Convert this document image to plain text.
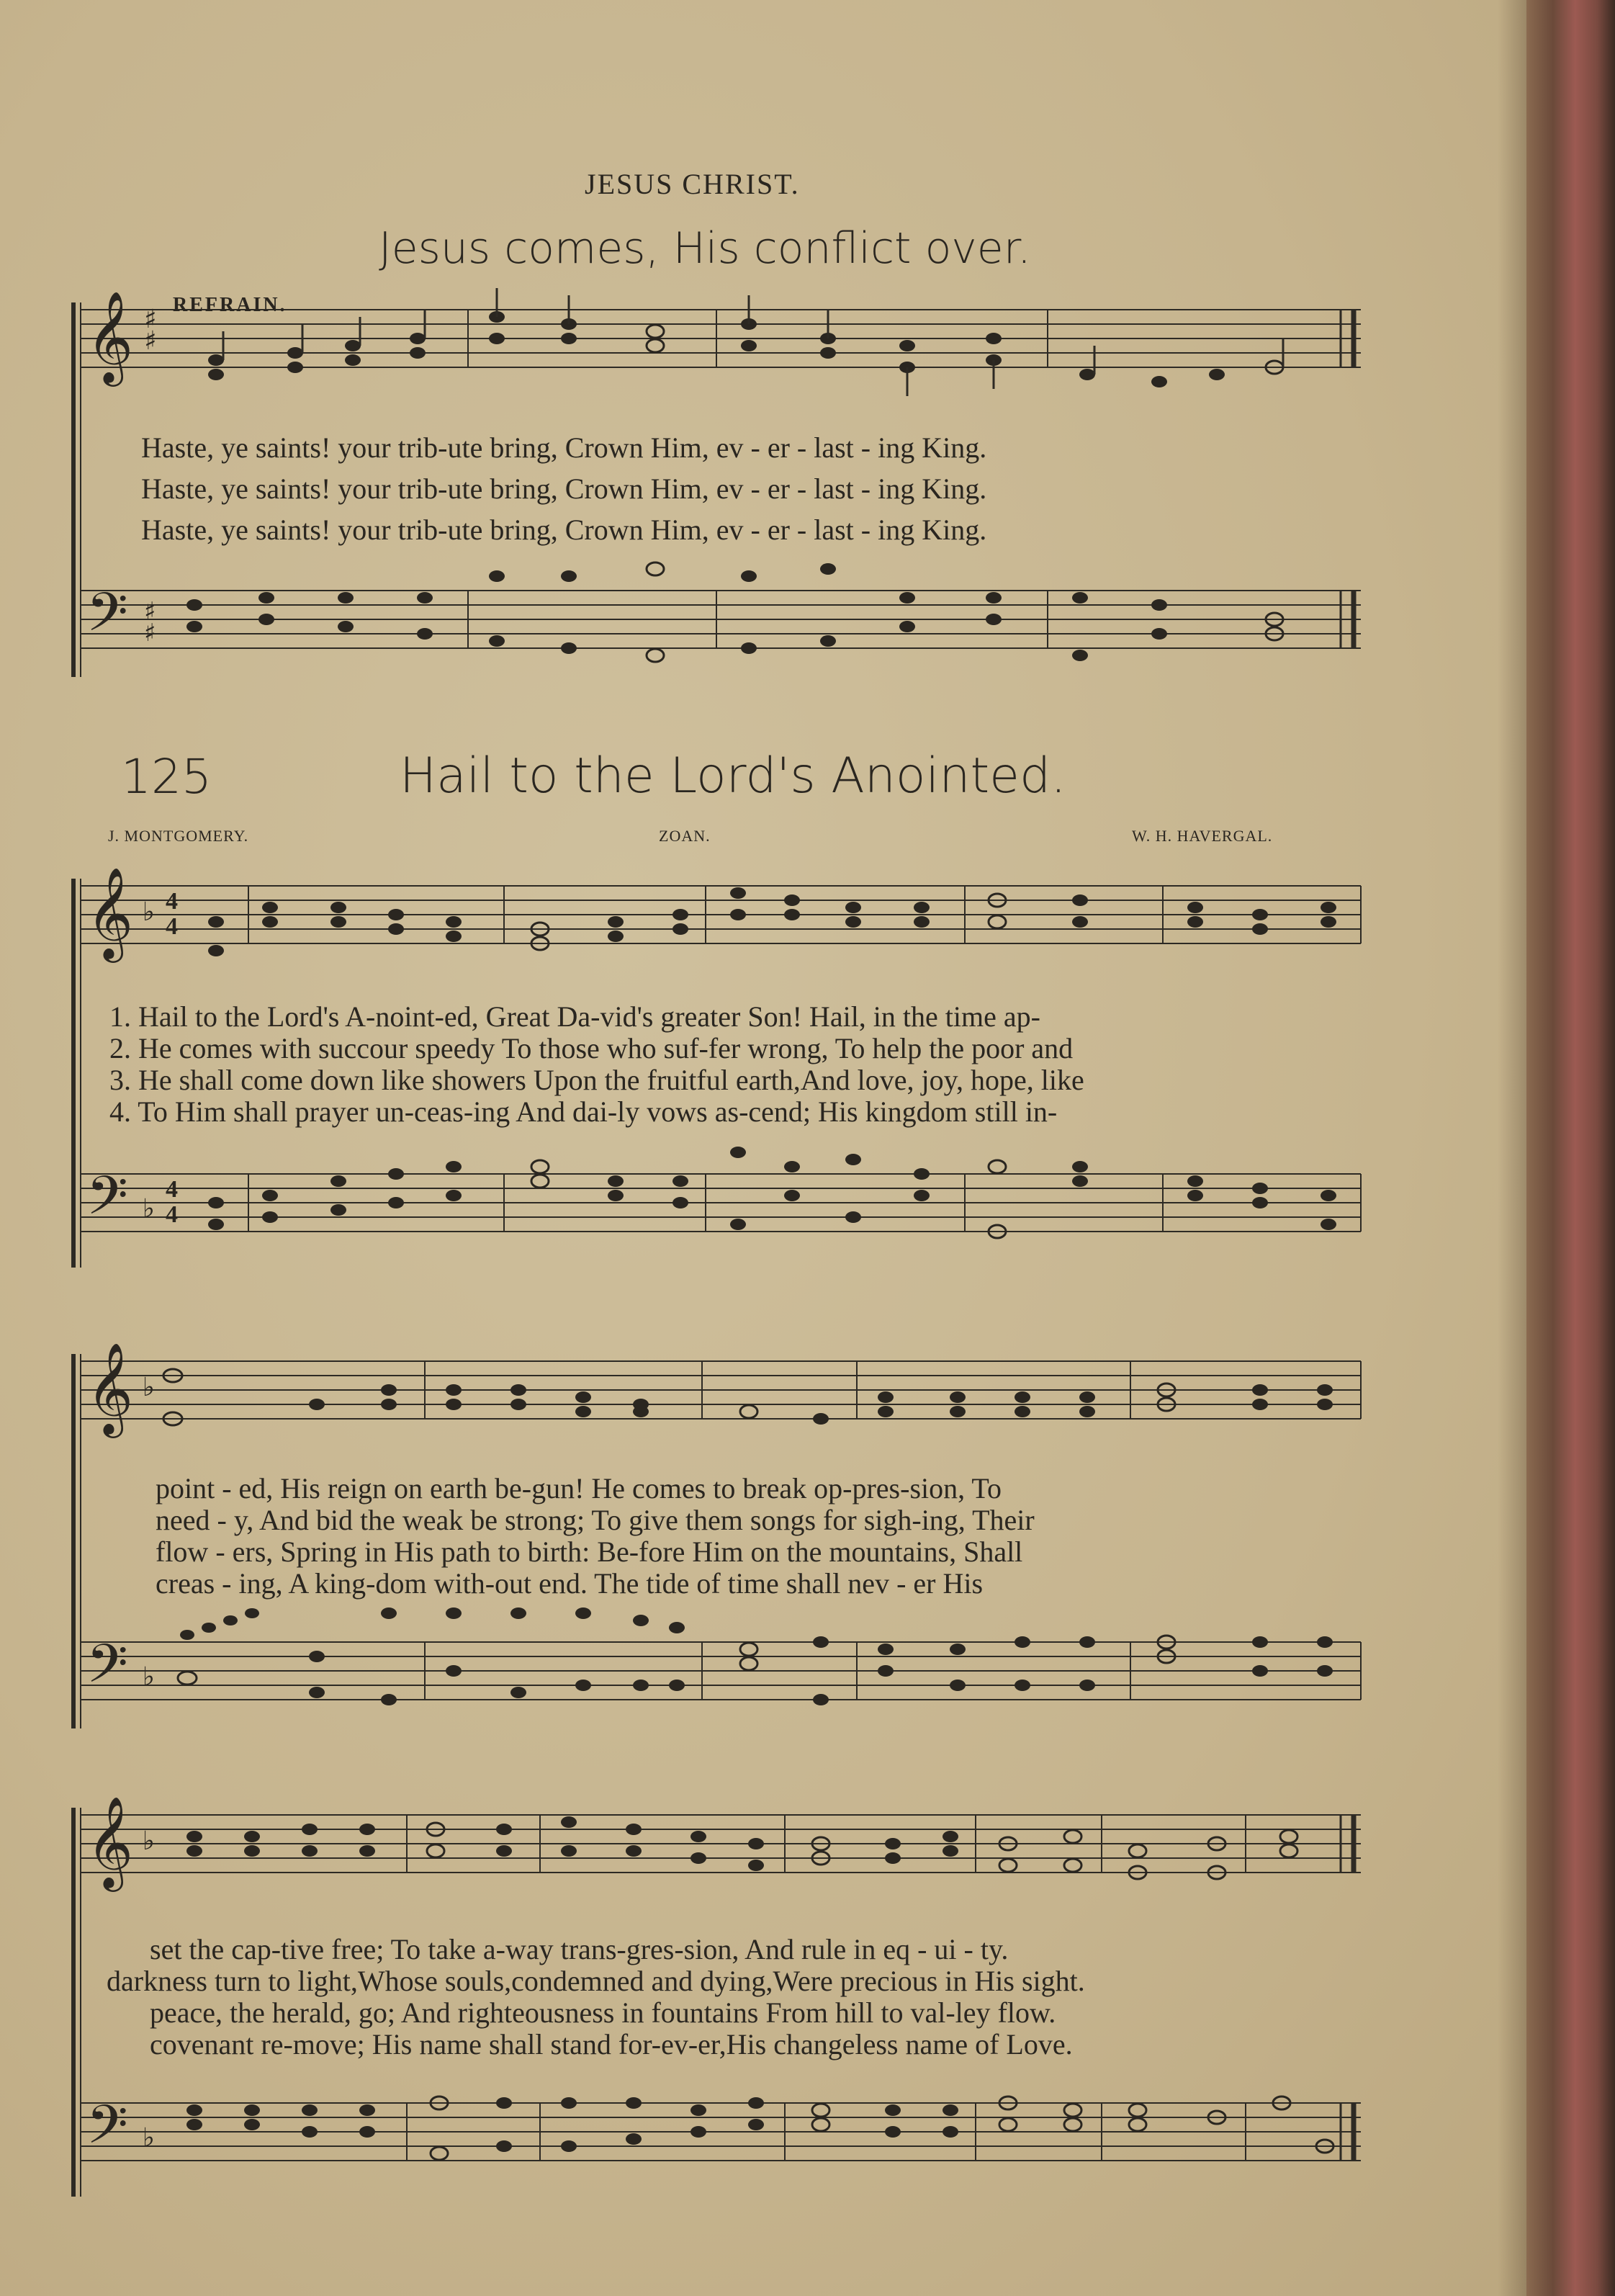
JESUS CHRIST.
Jesus comes, His conflict over.
𝄞 ♯
♯
REFRAIN.
Haste, ye saints! your trib-ute bring, Crown Him, ev - er - last - ing King.
Haste, ye saints! your trib-ute bring, Crown Him, ev - er - last - ing King.
Haste, ye saints! your trib-ute bring, Crown Him, ev - er - last - ing King.
𝄢 ♯
♯
125	Hail to the Lord's Anointed.
J. MONTGOMERY.	ZOAN.	W. H. HAVERGAL.
𝄞 ♭ 4
4
𝄢 ♭
4
4
1. Hail to the Lord's A-noint-ed, Great Da-vid's greater Son! Hail, in the time ap-
2. He comes with succour speedy To those who suf-fer wrong, To help the poor and
3. He shall come down like showers Upon the fruitful earth,And love, joy, hope, like
4. To Him shall prayer un-ceas-ing And dai-ly vows as-cend; His kingdom still in-
𝄞 ♭
𝄢 ♭
point - ed, His reign on earth be-gun! He comes to break op-pres-sion, To
need - y, And bid the weak be strong; To give them songs for sigh-ing, Their
flow - ers, Spring in His path to birth: Be-fore Him on the mountains, Shall
creas - ing, A king-dom with-out end. The tide of time shall nev - er His
𝄞 ♭
𝄢 ♭
set the cap-tive free; To take a-way trans-gres-sion, And rule in eq - ui - ty.
darkness turn to light,Whose souls,condemned and dying,Were precious in His sight.
peace, the herald, go; And righteousness in fountains From hill to val-ley flow.
covenant re-move; His name shall stand for-ev-er,His changeless name of Love.
